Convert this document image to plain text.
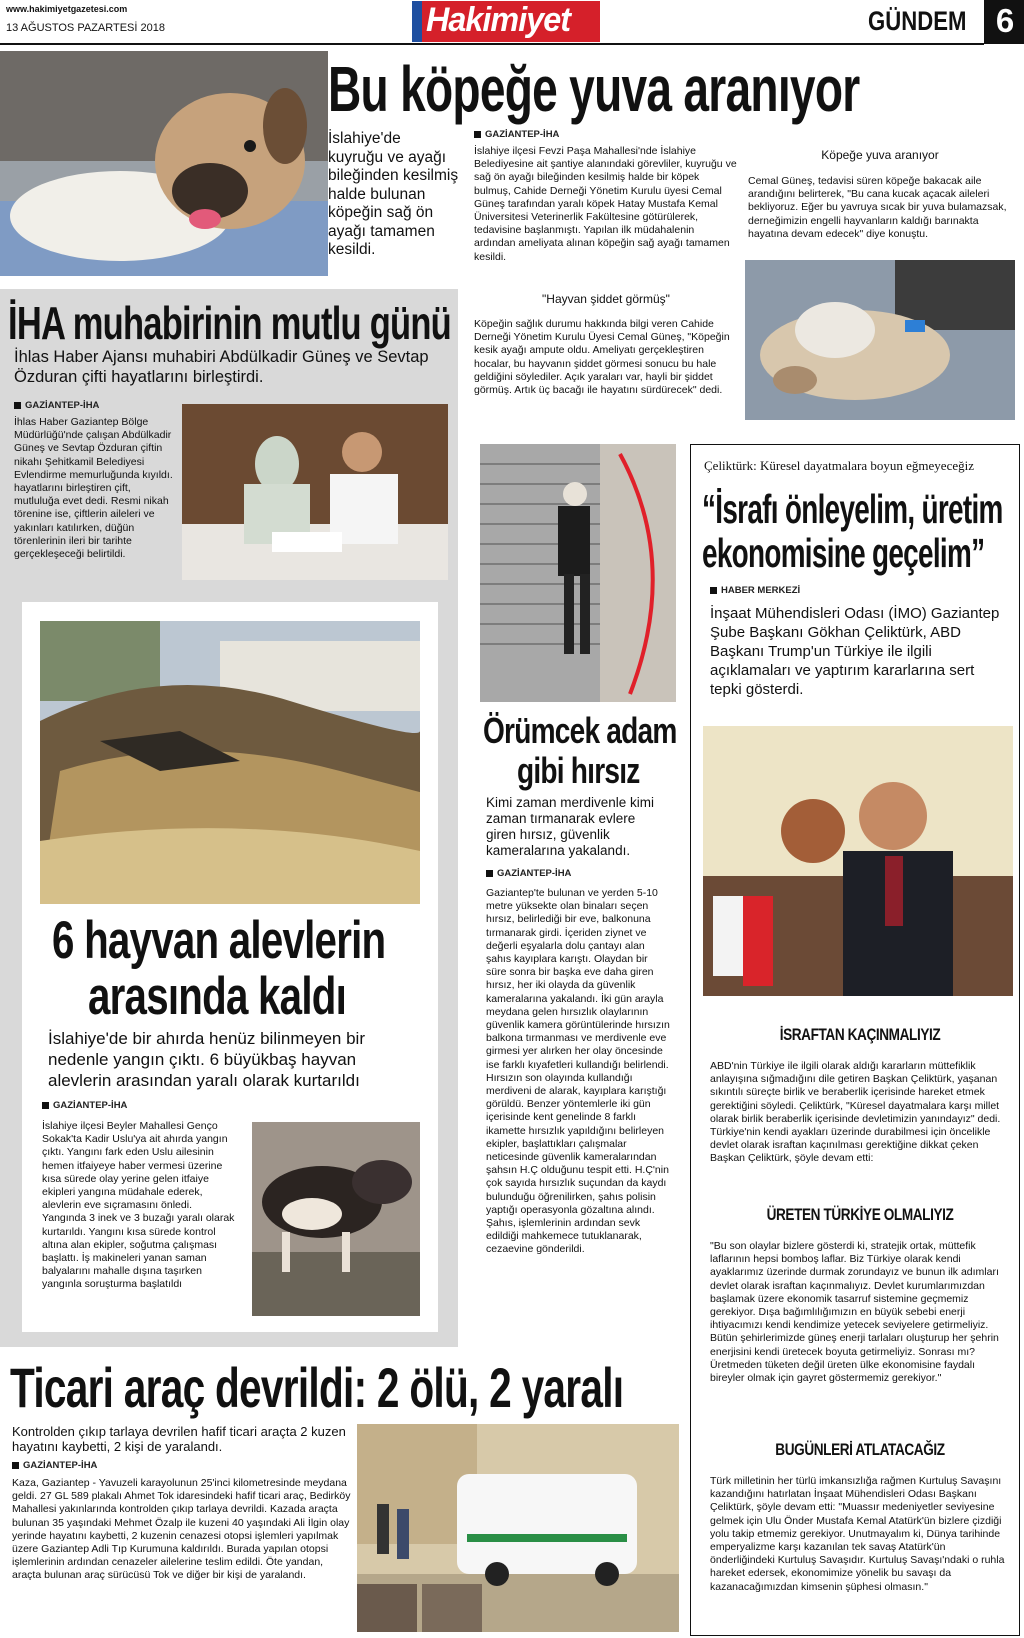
www.hakimiyetgazetesi.com
13 AĞUSTOS PAZARTESİ 2018	Hakimiyet	GÜNDEM 6
Bu köpeğe yuva aranıyor
İslahiye'de kuyruğu ve ayağı bileğinden kesilmiş halde bulunan köpeğin sağ ön ayağı tamamen kesildi.
GAZİANTEP-İHA
İslahiye ilçesi Fevzi Paşa Mahallesi'nde İslahiye Belediyesine ait şantiye alanındaki görevliler, kuyruğu ve sağ ön ayağı bileğinden kesilmiş halde bir köpek bulmuş, Cahide Derneği Yönetim Kurulu üyesi Cemal Güneş tarafından yaralı köpek Hatay Mustafa Kemal Üniversitesi Veterinerlik Fakültesine götürülerek, tedavisine başlanmıştı. Yapılan ilk müdahalenin ardından ameliyata alınan köpeğin sağ ayağı tamamen kesildi.
"Hayvan şiddet görmüş"
Köpeğin sağlık durumu hakkında bilgi veren Cahide Derneği Yönetim Kurulu Üyesi Cemal Güneş, "Köpeğin kesik ayağı ampute oldu. Ameliyatı gerçekleştiren hocalar, bu hayvanın şiddet görmesi sonucu bu hale geldiğini söylediler. Açık yaraları var, hayli bir şiddet görmüş. Artık üç bacağı ile hayatını sürdürecek" dedi.
Köpeğe yuva aranıyor
Cemal Güneş, tedavisi süren köpeğe bakacak aile arandığını belirterek, "Bu cana kucak açacak aileleri bekliyoruz. Eğer bu yavruya sıcak bir yuva bulamazsak, derneğimizin engelli hayvanların kaldığı barınakta hayatına devam edecek" diye konuştu.
İHA muhabirinin mutlu günü
İhlas Haber Ajansı muhabiri Abdülkadir Güneş ve Sevtap Özduran çifti hayatlarını birleştirdi.
GAZİANTEP-İHA
İhlas Haber Gaziantep Bölge Müdürlüğü'nde çalışan Abdülkadir Güneş ve Sevtap Özduran çiftin nikahı Şehitkamil Belediyesi Evlendirme memurluğunda kıyıldı. hayatlarını birleştiren çift, mutluluğa evet dedi. Resmi nikah törenine ise, çiftlerin aileleri ve yakınları katılırken, düğün törenlerinin ileri bir tarihte gerçekleşeceği belirtildi.
6 hayvan alevlerin
arasında kaldı
İslahiye'de bir ahırda henüz bilinmeyen bir nedenle yangın çıktı. 6 büyükbaş hayvan alevlerin arasından yaralı olarak kurtarıldı
GAZİANTEP-İHA
İslahiye ilçesi Beyler Mahallesi Genço Sokak'ta Kadir Uslu'ya ait ahırda yangın çıktı. Yangını fark eden Uslu ailesinin hemen itfaiyeye haber vermesi üzerine kısa sürede olay yerine gelen itfaiye ekipleri yangına müdahale ederek, alevlerin eve sıçramasını önledi. Yangında 3 inek ve 3 buzağı yaralı olarak kurtarıldı. Yangını kısa sürede kontrol altına alan ekipler, soğutma çalışması başlattı. İş makineleri yanan saman balyalarını mahalle dışına taşırken yangınla soruşturma başlatıldı
Örümcek adam
gibi hırsız
Kimi zaman merdivenle kimi zaman tırmanarak evlere giren hırsız, güvenlik kameralarına yakalandı.
GAZİANTEP-İHA
Gaziantep'te bulunan ve yerden 5-10 metre yüksekte olan binaları seçen hırsız, belirlediği bir eve, balkonuna tırmanarak girdi. İçeriden ziynet ve değerli eşyalarla dolu çantayı alan şahıs kayıplara karıştı. Olaydan bir süre sonra bir başka eve daha giren hırsız, her iki olayda da güvenlik kameralarına yakalandı. İki gün arayla meydana gelen hırsızlık olaylarının güvenlik kamera görüntülerinde hırsızın balkona tırmanması ve merdivenle eve girmesi yer alırken her olay öncesinde ise farklı kıyafetleri kullandığı belirlendi. Hırsızın son olayında kullandığı merdiveni de alarak, kayıplara karıştığı görüldü. Benzer yöntemlerle iki gün içerisinde kent genelinde 8 farklı ikamette hırsızlık yapıldığını belirleyen ekipler, başlattıkları çalışmalar neticesinde güvenlik kameralarından şahsın H.Ç olduğunu tespit etti. H.Ç'nin çok sayıda hırsızlık suçundan da kaydı bulunduğu öğrenilirken, şahıs polisin yaptığı operasyonla gözaltına alındı. Şahıs, işlemlerinin ardından sevk edildiği mahkemece tutuklanarak, cezaevine gönderildi.
Çeliktürk: Küresel dayatmalara boyun eğmeyeceğiz
“İsrafı önleyelim, üretim
ekonomisine geçelim”
HABER MERKEZİ
İnşaat Mühendisleri Odası (İMO) Gaziantep Şube Başkanı Gökhan Çeliktürk, ABD Başkanı Trump'un Türkiye ile ilgili açıklamaları ve yaptırım kararlarına sert tepki gösterdi.
İSRAFTAN KAÇINMALIYIZ
ABD'nin Türkiye ile ilgili olarak aldığı kararların müttefiklik anlayışına sığmadığını dile getiren Başkan Çeliktürk, yaşanan sıkıntılı süreçte birlik ve beraberlik içerisinde hareket etmek gerektiğini söyledi. Çeliktürk, "Küresel dayatmalara karşı millet olarak birlik beraberlik içerisinde devletimizin yanındayız" dedi. Türkiye'nin kendi ayakları üzerinde durabilmesi için öncelikle devlet olarak israftan kaçınılması gerektiğine dikkat çeken Başkan Çeliktürk, şöyle devam etti:
ÜRETEN TÜRKİYE OLMALIYIZ
"Bu son olaylar bizlere gösterdi ki, stratejik ortak, müttefik laflarının hepsi bomboş laflar. Biz Türkiye olarak kendi ayaklarımız üzerinde durmak zorundayız ve bunun ilk adımları devlet olarak israftan kaçınmalıyız. Devlet kurumlarımızdan başlamak üzere ekonomik tasarruf sistemine geçmemiz gerekiyor. Dışa bağımlılığımızın en büyük sebebi enerji ihtiyacımızı kendi kendimize yetecek seviyelere getirmeliyiz. Bütün şehirlerimizde güneş enerji tarlaları oluşturup her şehrin enerjisini kendi üretecek boyuta getirmeliyiz. Sonrası mı? Üretmeden tüketen değil üreten ülke ekonomisine faydalı bireyler olmak için gayret göstermemiz gerekiyor."
BUGÜNLERİ ATLATACAĞIZ
Türk milletinin her türlü imkansızlığa rağmen Kurtuluş Savaşını kazandığını hatırlatan İnşaat Mühendisleri Odası Başkanı Çeliktürk, şöyle devam etti: "Muassır medeniyetler seviyesine gelmek için Ulu Önder Mustafa Kemal Atatürk'ün bizlere çizdiği yolu takip etmemiz gerekiyor. Unutmayalım ki, Dünya tarihinde emperyalizme karşı kazanılan tek savaş Atatürk'ün önderliğindeki Kurtuluş Savaşıdır. Kurtuluş Savaşı'ndaki o ruhla hareket edersek, ekonomimize yönelik bu savaşı da kazanacağımızdan kimsenin şüphesi olmasın."
Ticari araç devrildi: 2 ölü, 2 yaralı
Kontrolden çıkıp tarlaya devrilen hafif ticari araçta 2 kuzen hayatını kaybetti, 2 kişi de yaralandı.
GAZİANTEP-İHA
Kaza, Gaziantep - Yavuzeli karayolunun 25'inci kilometresinde meydana geldi. 27 GL 589 plakalı Ahmet Tok idaresindeki hafif ticari araç, Bedirköy Mahallesi yakınlarında kontrolden çıkıp tarlaya devrildi. Kazada araçta bulunan 35 yaşındaki Mehmet Özalp ile kuzeni 40 yaşındaki Ali İlgin olay yerinde hayatını kaybetti, 2 kuzenin cenazesi otopsi işlemleri yapılmak üzere Gaziantep Adli Tıp Kurumuna kaldırıldı. Burada yapılan otopsi işlemlerinin ardından cenazeler ailelerine teslim edildi. Öte yandan, araçta bulunan araç sürücüsü Tok ve diğer bir kişi de yaralandı.
